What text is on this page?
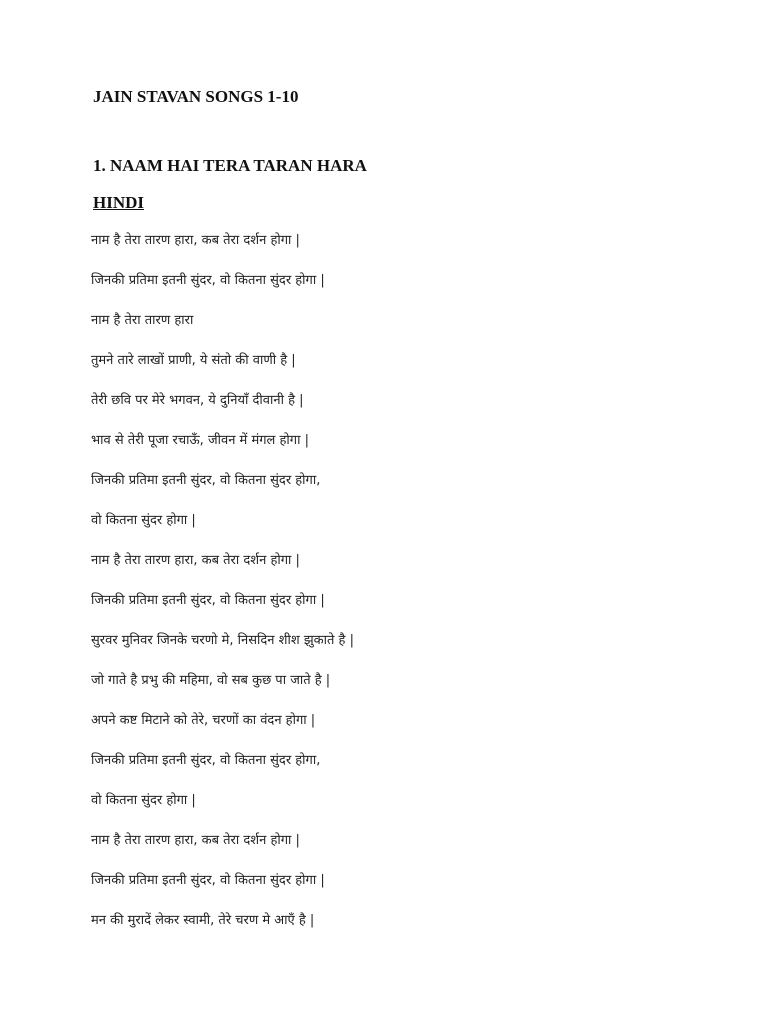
JAIN STAVAN SONGS 1-10
1. NAAM HAI TERA TARAN HARA
HINDI
नाम है तेरा तारण हारा, कब तेरा दर्शन होगा |
जिनकी प्रतिमा इतनी सुंदर, वो कितना सुंदर होगा |
नाम है तेरा तारण हारा
तुमने तारे लाखों प्राणी, ये संतो की वाणी है |
तेरी छवि पर मेरे भगवन, ये दुनियाँ दीवानी है |
भाव से तेरी पूजा रचाऊँ, जीवन में मंगल होगा |
जिनकी प्रतिमा इतनी सुंदर, वो कितना सुंदर होगा,
वो कितना सुंदर होगा |
नाम है तेरा तारण हारा, कब तेरा दर्शन होगा |
जिनकी प्रतिमा इतनी सुंदर, वो कितना सुंदर होगा |
सुरवर मुनिवर जिनके चरणो मे, निसदिन शीश झुकाते है |
जो गाते है प्रभु की महिमा, वो सब कुछ पा जाते है |
अपने कष्ट मिटाने को तेरे, चरणों का वंदन होगा |
जिनकी प्रतिमा इतनी सुंदर, वो कितना सुंदर होगा,
वो कितना सुंदर होगा |
नाम है तेरा तारण हारा, कब तेरा दर्शन होगा |
जिनकी प्रतिमा इतनी सुंदर, वो कितना सुंदर होगा |
मन की मुरादें लेकर स्वामी, तेरे चरण मे आएँ है |
